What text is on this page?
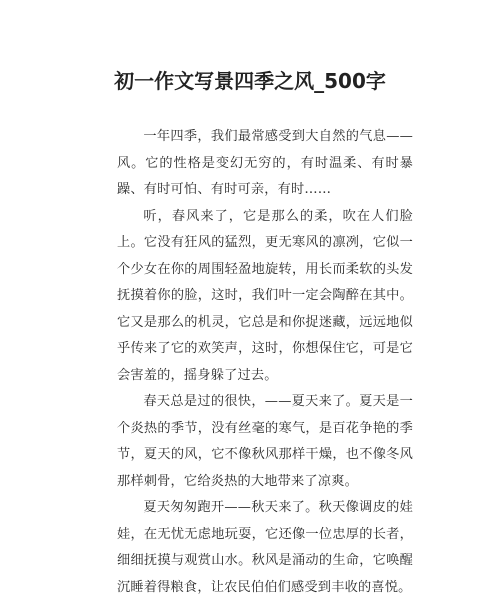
初一作文写景四季之风_500字

一年四季，我们最常感受到大自然的气息——风。它的性格是变幻无穷的，有时温柔、有时暴躁、有时可怕、有时可亲，有时……

听，春风来了，它是那么的柔，吹在人们脸上。它没有狂风的猛烈，更无寒风的凛冽，它似一个少女在你的周围轻盈地旋转，用长而柔软的头发抚摸着你的脸，这时，我们叶一定会陶醉在其中。它又是那么的机灵，它总是和你捉迷藏，远远地似乎传来了它的欢笑声，这时，你想保住它，可是它会害羞的，摇身躲了过去。

春天总是过的很快，——夏天来了。夏天是一个炎热的季节，没有丝毫的寒气，是百花争艳的季节，夏天的风，它不像秋风那样干燥，也不像冬风那样刺骨，它给炎热的大地带来了凉爽。

夏天匆匆跑开——秋天来了。秋天像调皮的娃娃，在无忧无虑地玩耍，它还像一位忠厚的长者，细细抚摸与观赏山水。秋风是涌动的生命，它唤醒沉睡着得粮食，让农民伯伯们感受到丰收的喜悦。
